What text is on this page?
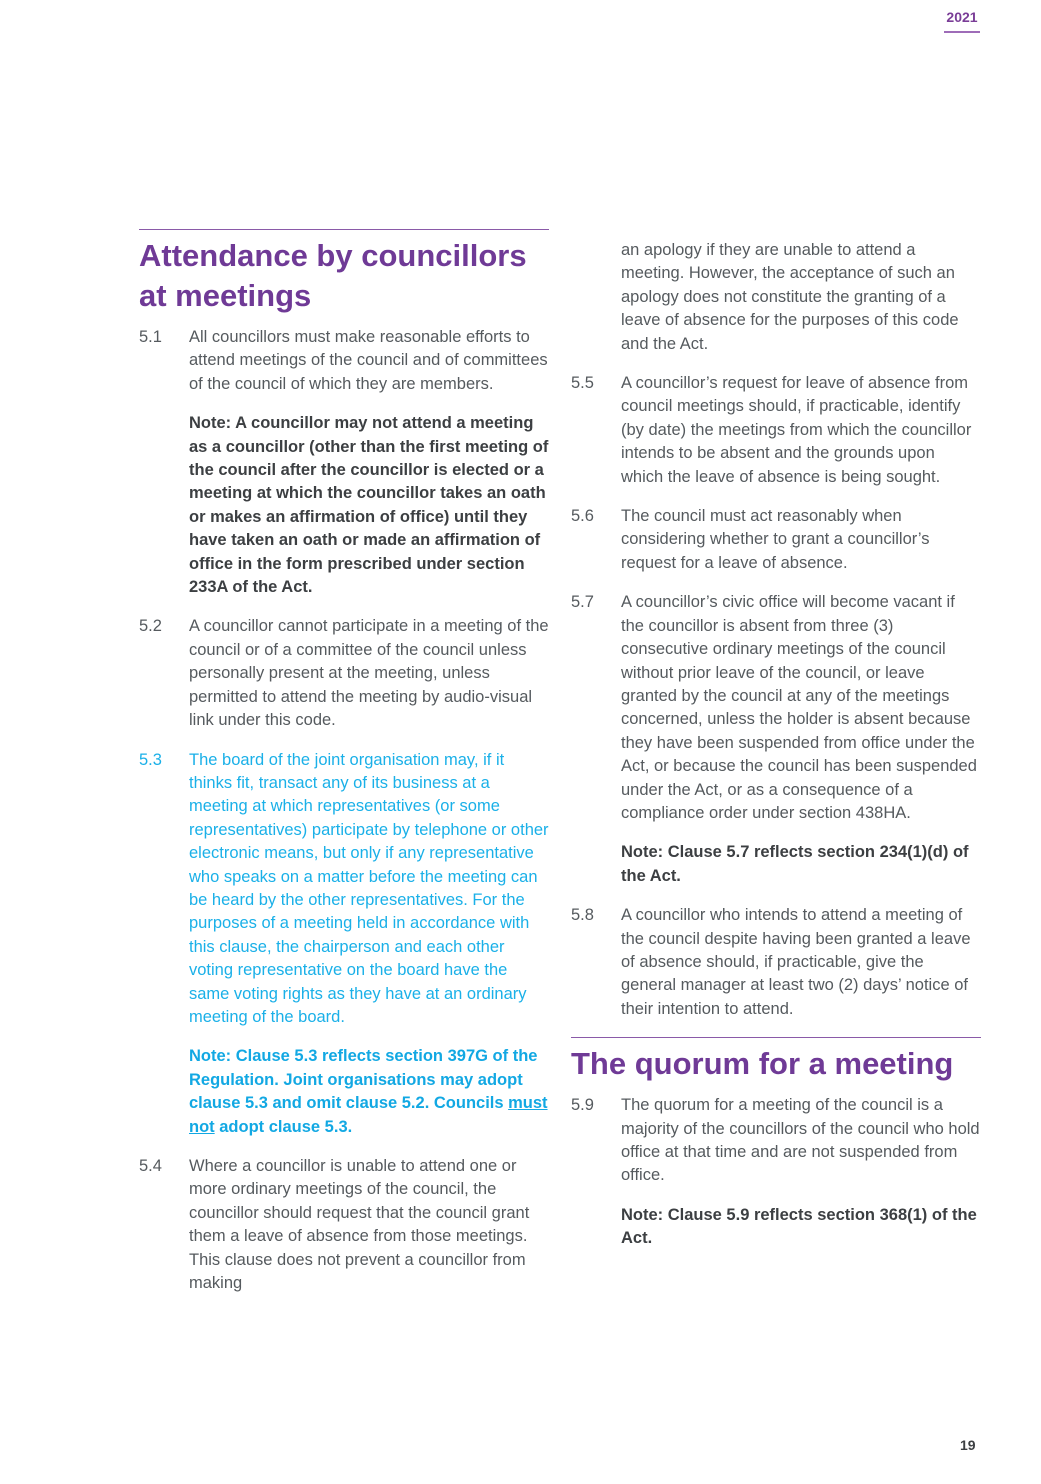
2021
Attendance by councillors at meetings
5.1	All councillors must make reasonable efforts to attend meetings of the council and of committees of the council of which they are members.
Note: A councillor may not attend a meeting as a councillor (other than the first meeting of the council after the councillor is elected or a meeting at which the councillor takes an oath or makes an affirmation of office) until they have taken an oath or made an affirmation of office in the form prescribed under section 233A of the Act.
5.2	A councillor cannot participate in a meeting of the council or of a committee of the council unless personally present at the meeting, unless permitted to attend the meeting by audio-visual link under this code.
5.3	The board of the joint organisation may, if it thinks fit, transact any of its business at a meeting at which representatives (or some representatives) participate by telephone or other electronic means, but only if any representative who speaks on a matter before the meeting can be heard by the other representatives. For the purposes of a meeting held in accordance with this clause, the chairperson and each other voting representative on the board have the same voting rights as they have at an ordinary meeting of the board.
Note: Clause 5.3 reflects section 397G of the Regulation. Joint organisations may adopt clause 5.3 and omit clause 5.2. Councils must not adopt clause 5.3.
5.4	Where a councillor is unable to attend one or more ordinary meetings of the council, the councillor should request that the council grant them a leave of absence from those meetings. This clause does not prevent a councillor from making
an apology if they are unable to attend a meeting. However, the acceptance of such an apology does not constitute the granting of a leave of absence for the purposes of this code and the Act.
5.5	A councillor’s request for leave of absence from council meetings should, if practicable, identify (by date) the meetings from which the councillor intends to be absent and the grounds upon which the leave of absence is being sought.
5.6	The council must act reasonably when considering whether to grant a councillor’s request for a leave of absence.
5.7	A councillor’s civic office will become vacant if the councillor is absent from three (3) consecutive ordinary meetings of the council without prior leave of the council, or leave granted by the council at any of the meetings concerned, unless the holder is absent because they have been suspended from office under the Act, or because the council has been suspended under the Act, or as a consequence of a compliance order under section 438HA.
Note: Clause 5.7 reflects section 234(1)(d) of the Act.
5.8	A councillor who intends to attend a meeting of the council despite having been granted a leave of absence should, if practicable, give the general manager at least two (2) days’ notice of their intention to attend.
The quorum for a meeting
5.9	The quorum for a meeting of the council is a majority of the councillors of the council who hold office at that time and are not suspended from office.
Note: Clause 5.9 reflects section 368(1) of the Act.
19
